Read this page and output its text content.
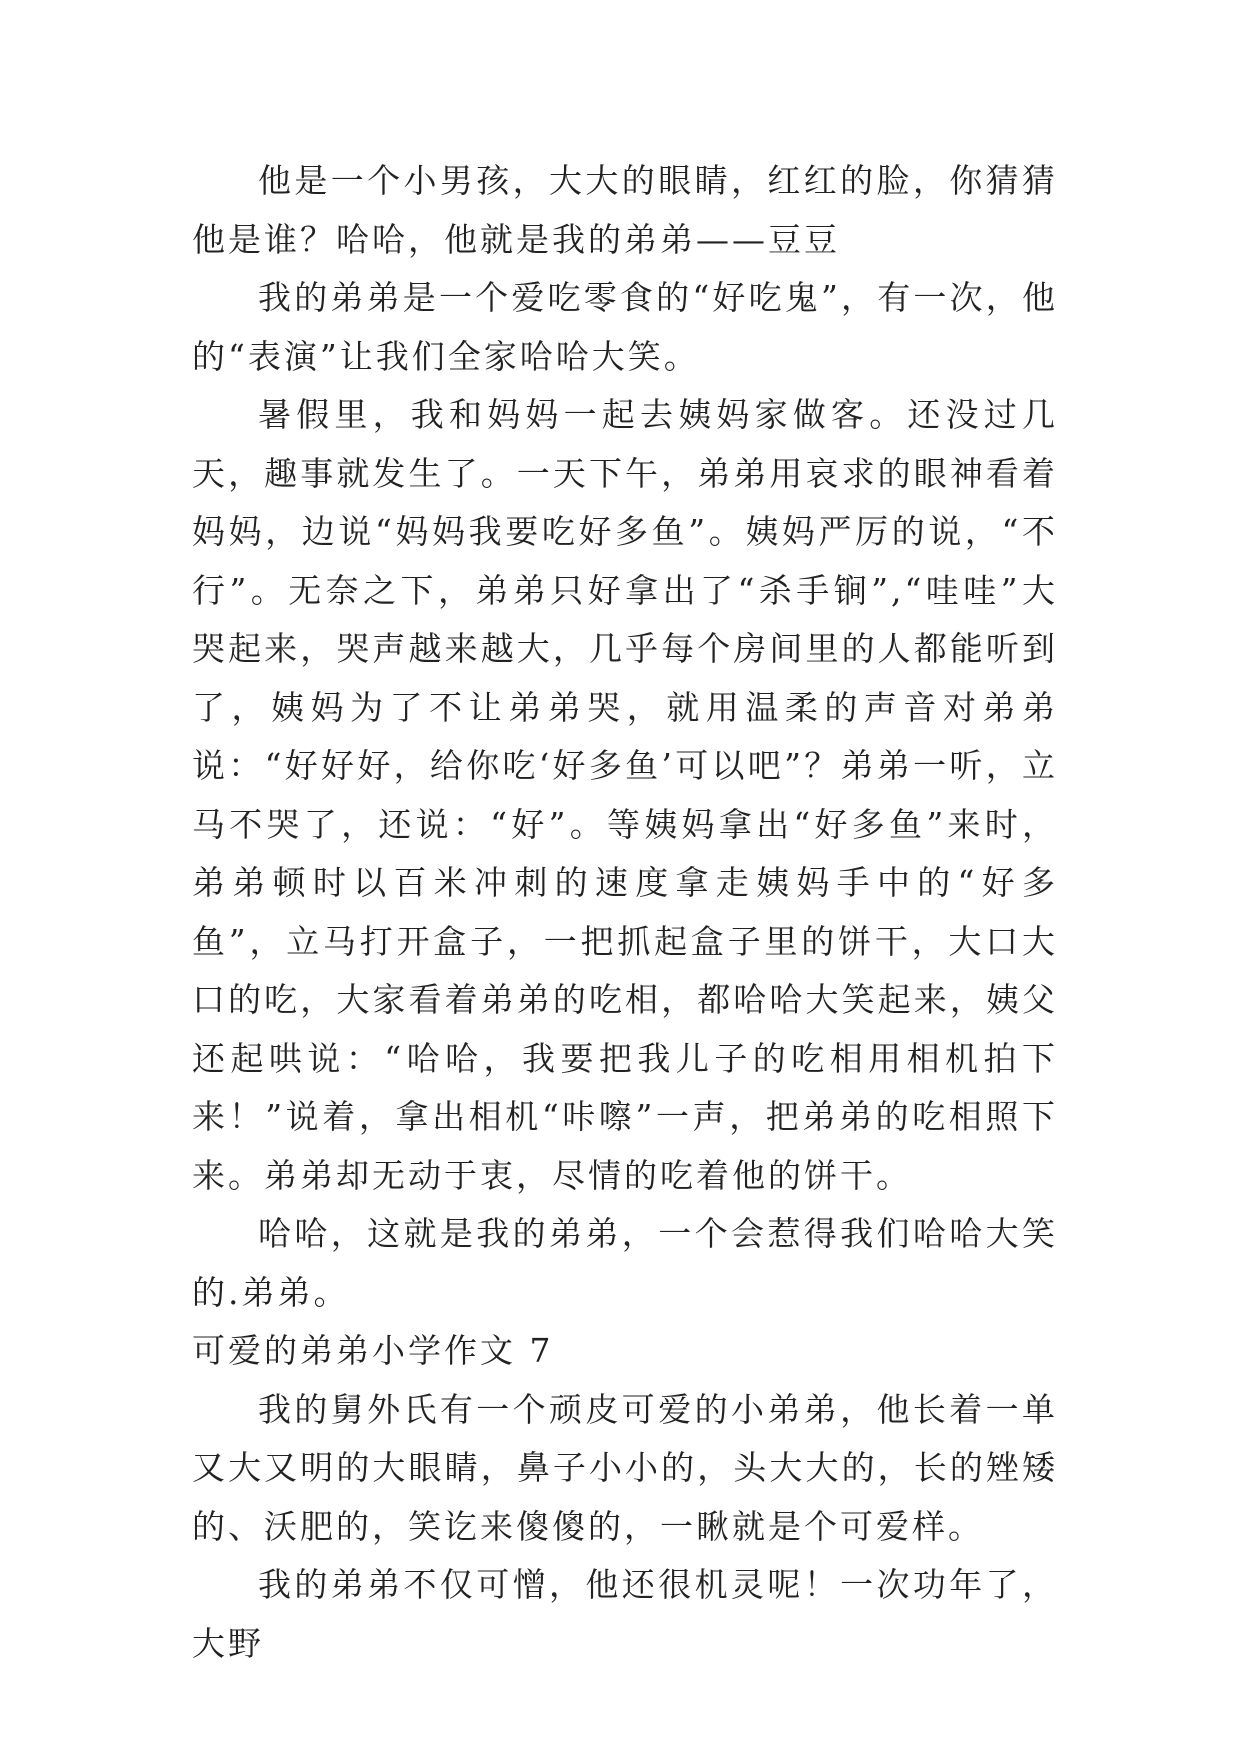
他是一个小男孩，大大的眼睛，红红的脸，你猜猜他是谁？哈哈，他就是我的弟弟——豆豆

我的弟弟是一个爱吃零食的“好吃鬼”，有一次，他的“表演”让我们全家哈哈大笑。

暑假里，我和妈妈一起去姨妈家做客。还没过几天，趣事就发生了。一天下午，弟弟用哀求的眼神看着妈妈，边说“妈妈我要吃好多鱼”。姨妈严厉的说，“不行”。无奈之下，弟弟只好拿出了“杀手锏”,“哇哇”大哭起来，哭声越来越大，几乎每个房间里的人都能听到了，姨妈为了不让弟弟哭，就用温柔的声音对弟弟说：“好好好，给你吃‘好多鱼’可以吧”？弟弟一听，立马不哭了，还说：“好”。等姨妈拿出“好多鱼”来时，弟弟顿时以百米冲刺的速度拿走姨妈手中的“好多鱼”，立马打开盒子，一把抓起盒子里的饼干，大口大口的吃，大家看着弟弟的吃相，都哈哈大笑起来，姨父还起哄说：“哈哈，我要把我儿子的吃相用相机拍下来！”说着，拿出相机“咔嚓”一声，把弟弟的吃相照下来。弟弟却无动于衷，尽情的吃着他的饼干。

哈哈，这就是我的弟弟，一个会惹得我们哈哈大笑的.弟弟。

可爱的弟弟小学作文 7

我的舅外氏有一个顽皮可爱的小弟弟，他长着一单又大又明的大眼睛，鼻子小小的，头大大的，长的矬矮的、沃肥的，笑讫来傻傻的，一瞅就是个可爱样。

我的弟弟不仅可憎，他还很机灵呢！一次功年了，大野
